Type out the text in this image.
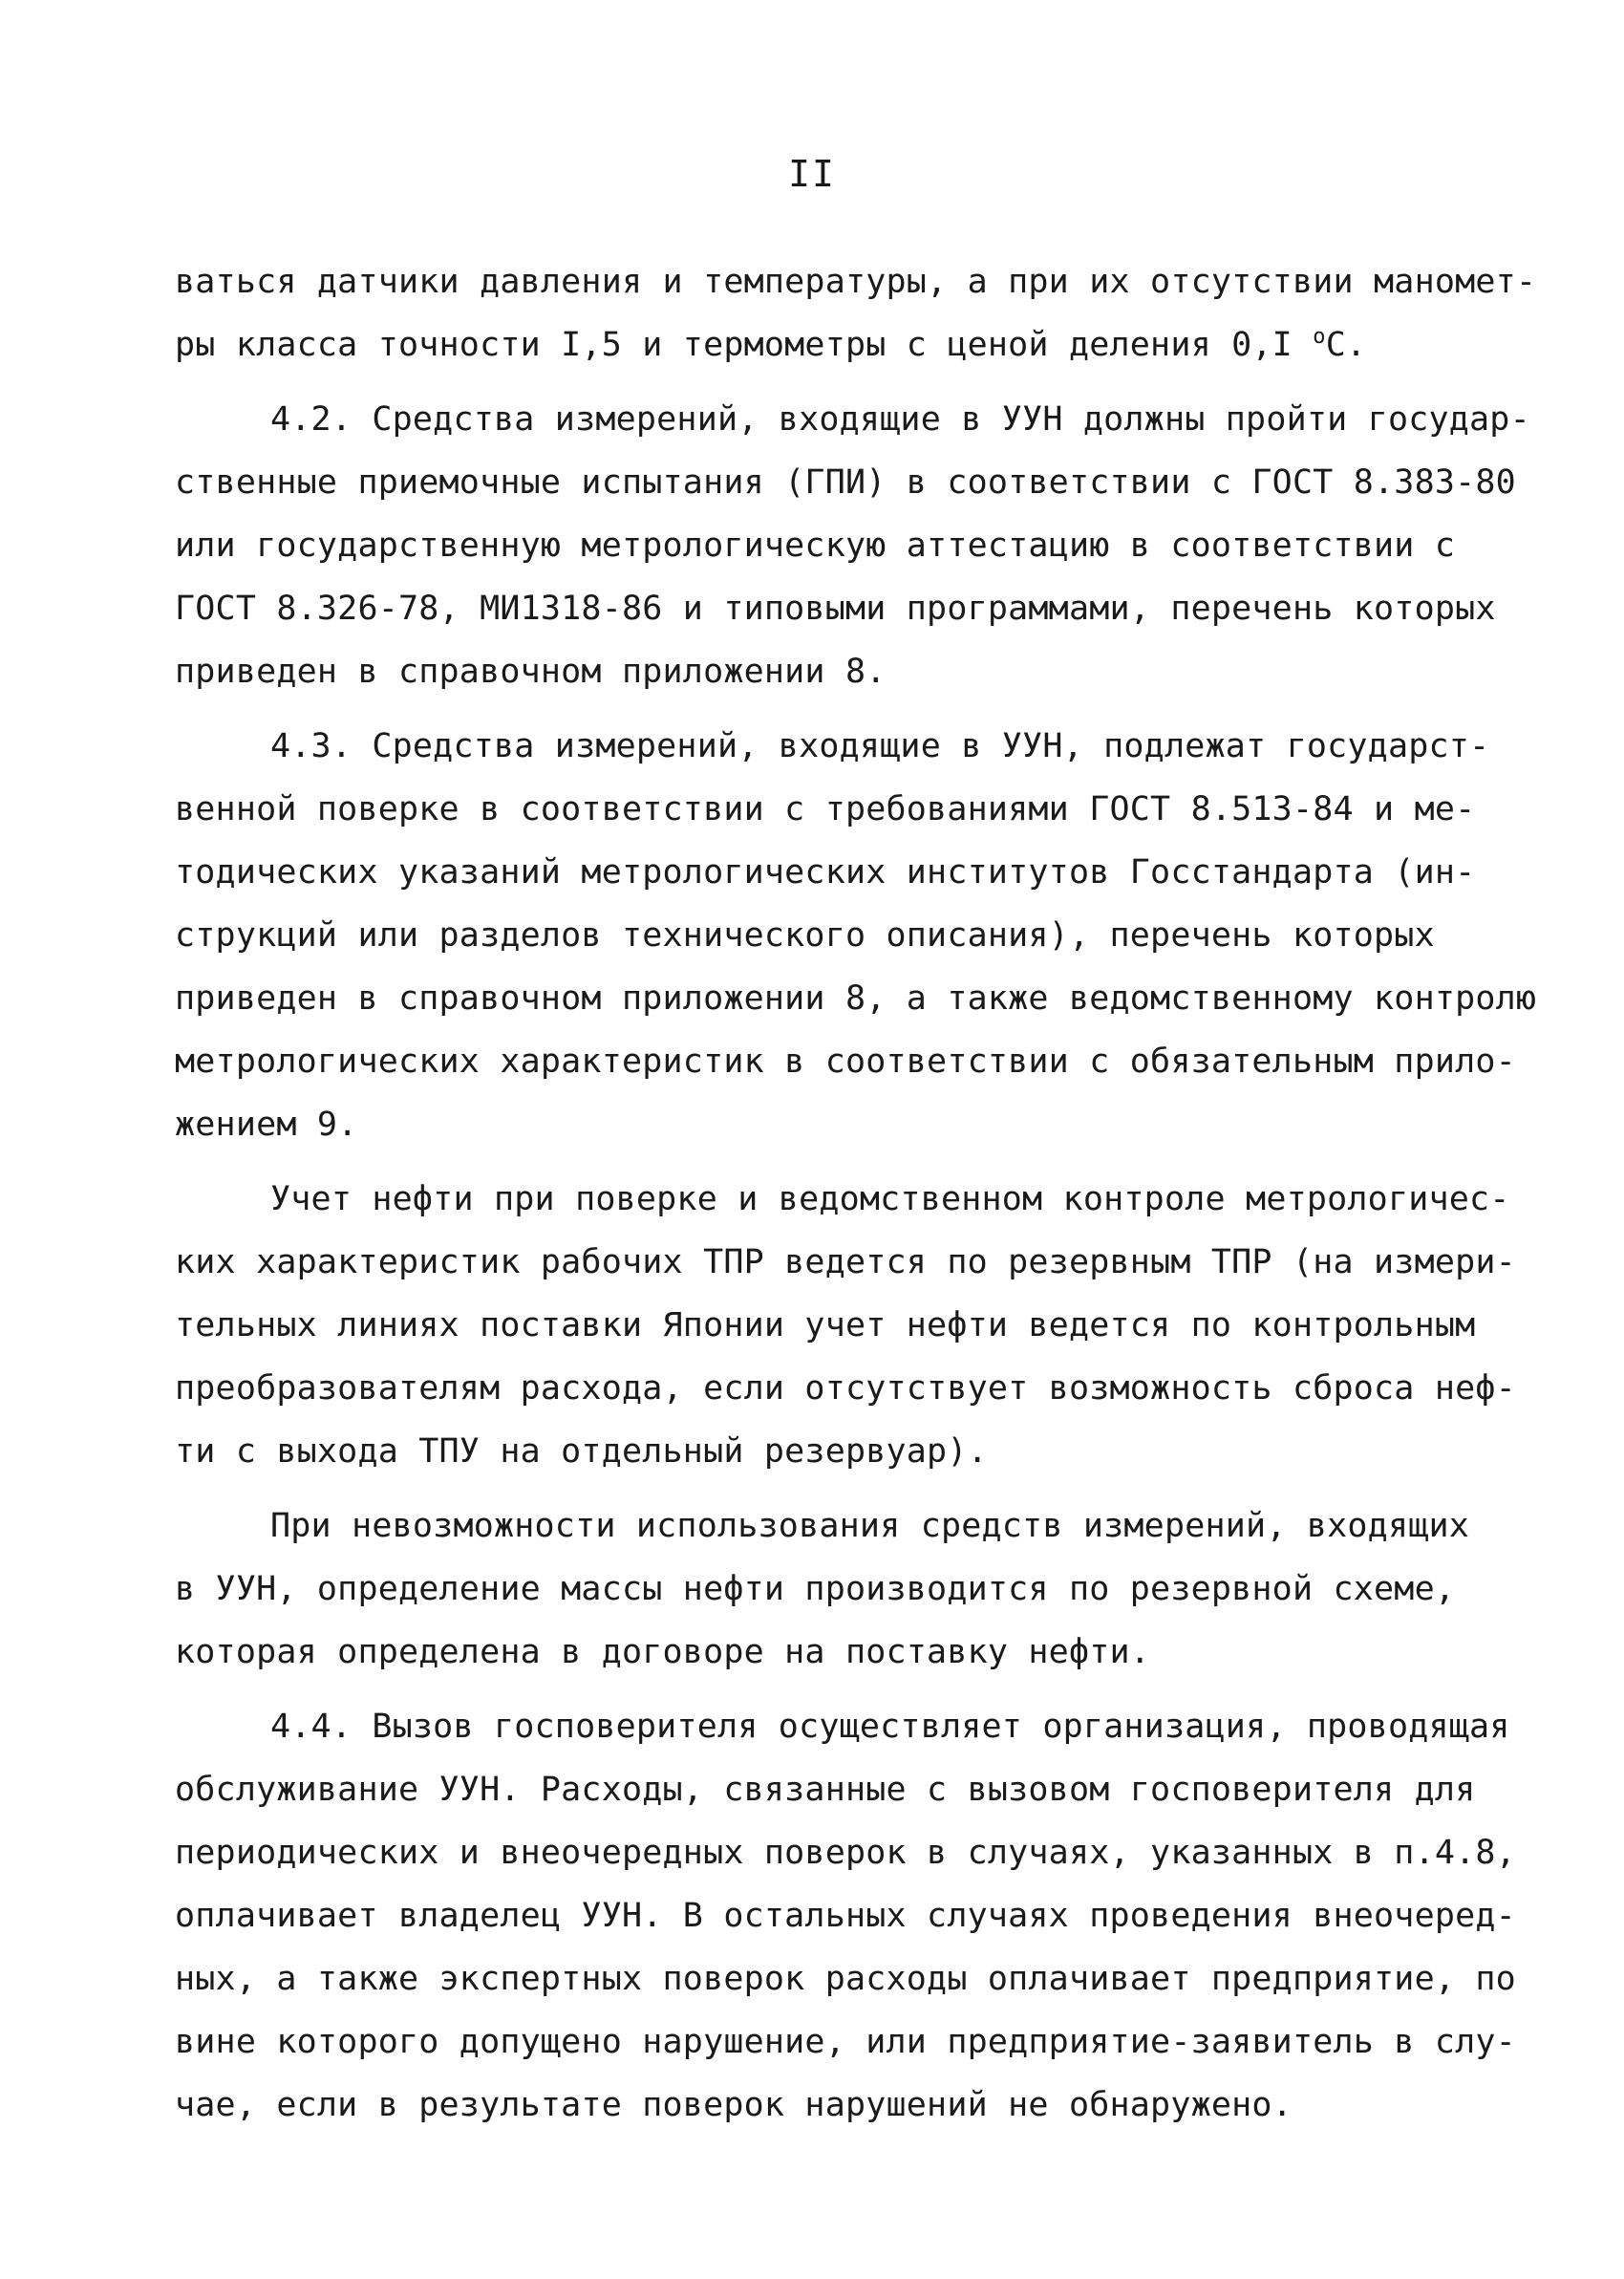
II
ваться датчики давления и температуры, а при их отсутствии маномет-
ры класса точности I,5 и термометры с ценой деления 0,I $^о$С.
4.2. Средства измерений, входящие в УУН должны пройти государ-
ственные приемочные испытания (ГПИ) в соответствии с ГОСТ 8.383-80
или государственную метрологическую аттестацию в соответствии с
ГОСТ 8.326-78, МИ1318-86 и типовыми программами, перечень которых
приведен в справочном приложении 8.
4.3. Средства измерений, входящие в УУН, подлежат государст-
венной поверке в соответствии с требованиями ГОСТ 8.513-84 и ме-
тодических указаний метрологических институтов Госстандарта (ин-
струкций или разделов технического описания), перечень которых
приведен в справочном приложении 8, а также ведомственному контролю
метрологических характеристик в соответствии с обязательным прило-
жением 9.
Учет нефти при поверке и ведомственном контроле метрологичес-
ких характеристик рабочих ТПР ведется по резервным ТПР (на измери-
тельных линиях поставки Японии учет нефти ведется по контрольным
преобразователям расхода, если отсутствует возможность сброса неф-
ти с выхода ТПУ на отдельный резервуар).
При невозможности использования средств измерений, входящих
в УУН, определение массы нефти производится по резервной схеме,
которая определена в договоре на поставку нефти.
4.4. Вызов госповерителя осуществляет организация, проводящая
обслуживание УУН. Расходы, связанные с вызовом госповерителя для
периодических и внеочередных поверок в случаях, указанных в п.4.8,
оплачивает владелец УУН. В остальных случаях проведения внеочеред-
ных, а также экспертных поверок расходы оплачивает предприятие, по
вине которого допущено нарушение, или предприятие-заявитель в слу-
чае, если в результате поверок нарушений не обнаружено.
